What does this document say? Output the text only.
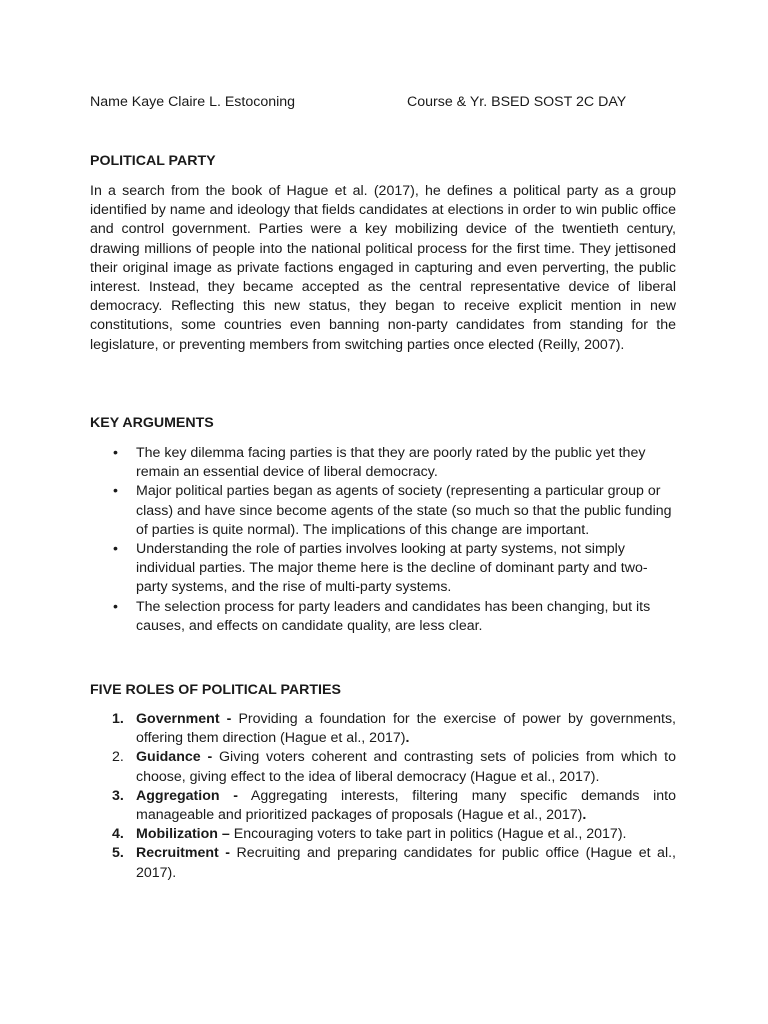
Name Kaye Claire L. Estoconing	Course & Yr. BSED SOST 2C DAY
POLITICAL PARTY

In a search from the book of Hague et al. (2017), he defines a political party as a group identified by name and ideology that fields candidates at elections in order to win public office and control government. Parties were a key mobilizing device of the twentieth century, drawing millions of people into the national political process for the first time. They jettisoned their original image as private factions engaged in capturing and even perverting, the public interest. Instead, they became accepted as the central representative device of liberal democracy. Reflecting this new status, they began to receive explicit mention in new constitutions, some countries even banning non-party candidates from standing for the legislature, or preventing members from switching parties once elected (Reilly, 2007).

KEY ARGUMENTS
• The key dilemma facing parties is that they are poorly rated by the public yet they remain an essential device of liberal democracy.
• Major political parties began as agents of society (representing a particular group or class) and have since become agents of the state (so much so that the public funding of parties is quite normal). The implications of this change are important.
• Understanding the role of parties involves looking at party systems, not simply individual parties. The major theme here is the decline of dominant party and two-party systems, and the rise of multi-party systems.
• The selection process for party leaders and candidates has been changing, but its causes, and effects on candidate quality, are less clear.
FIVE ROLES OF POLITICAL PARTIES
1. Government - Providing a foundation for the exercise of power by governments, offering them direction (Hague et al., 2017).
2. Guidance - Giving voters coherent and contrasting sets of policies from which to choose, giving effect to the idea of liberal democracy (Hague et al., 2017).
3. Aggregation - Aggregating interests, filtering many specific demands into manageable and prioritized packages of proposals (Hague et al., 2017).
4. Mobilization – Encouraging voters to take part in politics (Hague et al., 2017).
5. Recruitment - Recruiting and preparing candidates for public office (Hague et al., 2017).
